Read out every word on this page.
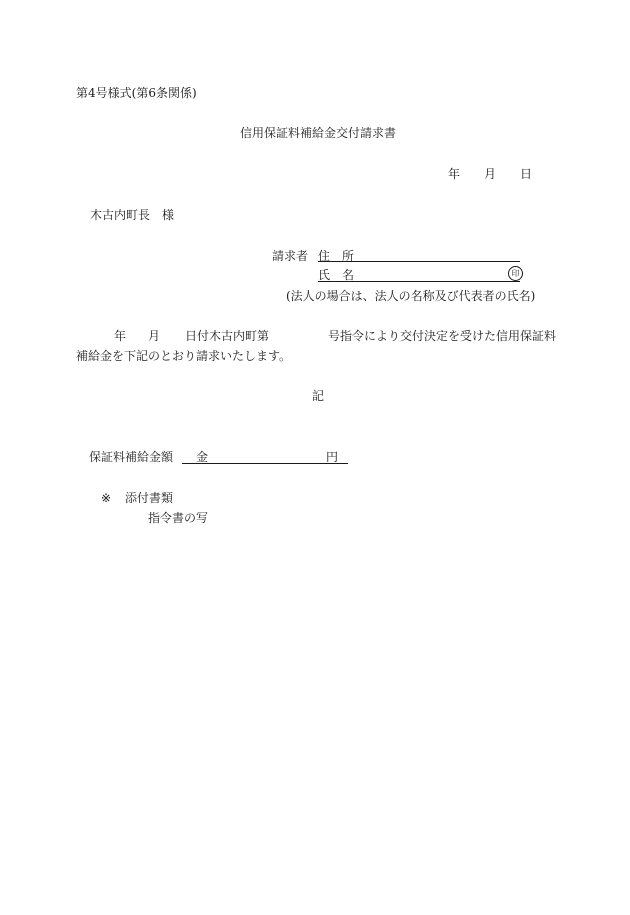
第4号様式(第6条関係)
信用保証料補給金交付請求書
年 月 日
木古内町長　様
請求者 住　所
氏　名	印
(法人の場合は、法人の名称及び代表者の氏名)
年 月 日付木古内町第	号指令により交付決定を受けた信用保証料
補給金を下記のとおり請求いたします。
記
保証料補給金額 金	円
※ 添付書類
指令書の写
